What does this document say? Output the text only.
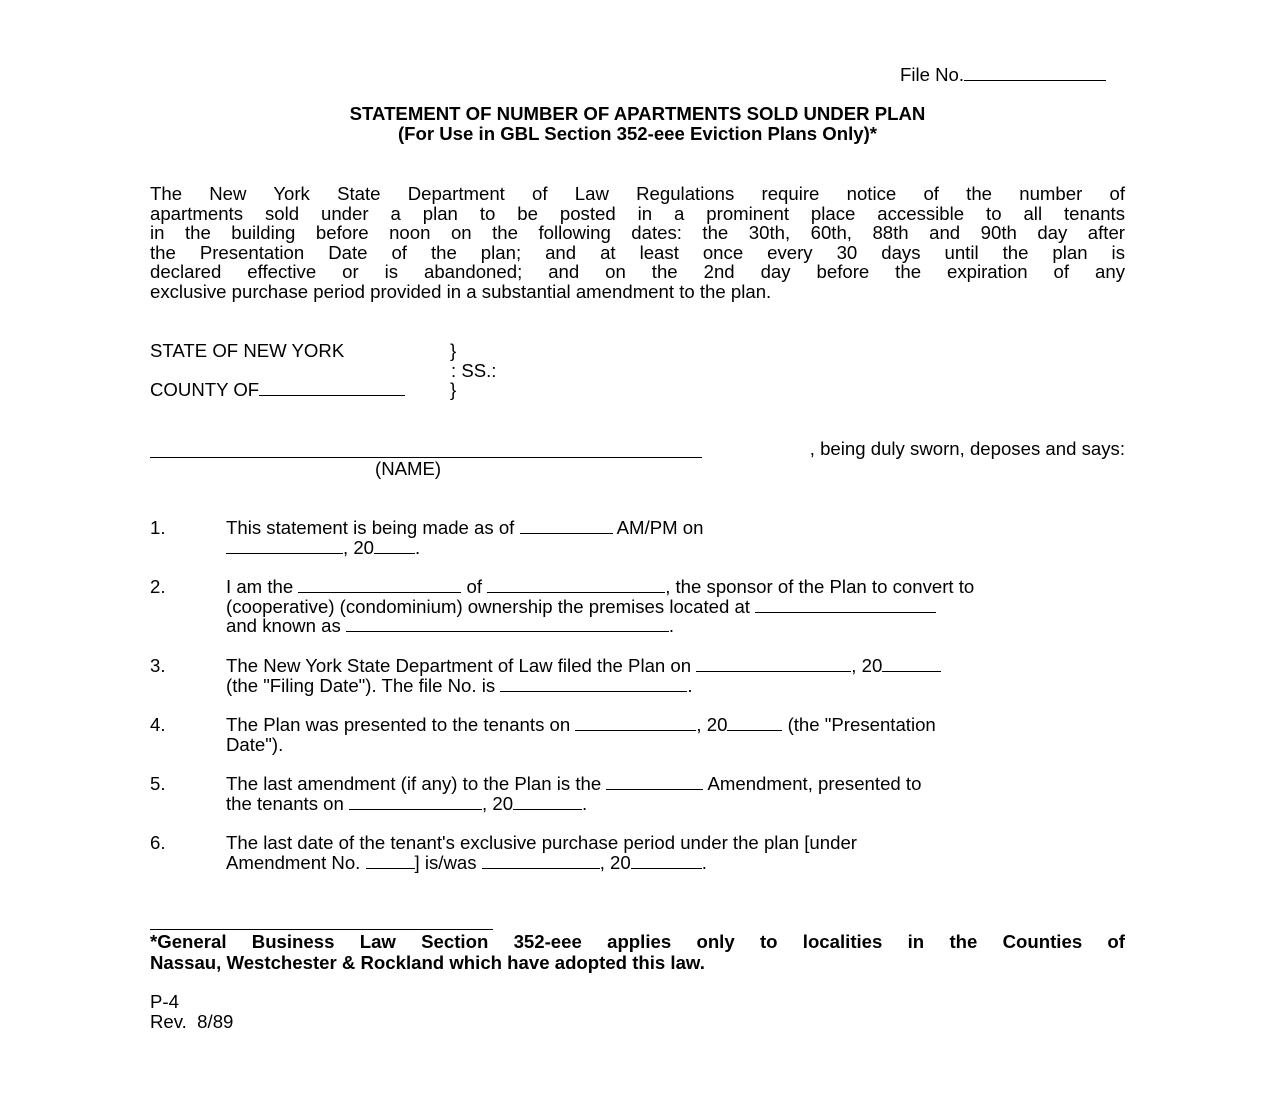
File No.
STATEMENT OF NUMBER OF APARTMENTS SOLD UNDER PLAN
(For Use in GBL Section 352-eee Eviction Plans Only)*
The New York State Department of Law Regulations require notice of the number of
apartments sold under a plan to be posted in a prominent place accessible to all tenants
in the building before noon on the following dates: the 30th, 60th, 88th and 90th day after
the Presentation Date of the plan; and at least once every 30 days until the plan is
declared effective or is abandoned; and on the 2nd day before the expiration of any
exclusive purchase period provided in a substantial amendment to the plan.
STATE OF NEW YORK	}
: SS.:
COUNTY OF	}
, being duly sworn, deposes and says:
(NAME)
1.	This statement is being made as of	AM/PM on
, 20 .
2.	I am the	of	, the sponsor of the Plan to convert to
(cooperative) (condominium) ownership the premises located at
and known as	.
3.	The New York State Department of Law filed the Plan on	, 20
(the "Filing Date"). The file No. is	.
4.	The Plan was presented to the tenants on	, 20	(the "Presentation
Date").
5.	The last amendment (if any) to the Plan is the	Amendment, presented to
the tenants on	, 20	.
6.	The last date of the tenant's exclusive purchase period under the plan [under
Amendment No.	] is/was	, 20	.
*General Business Law Section 352-eee applies only to localities in the Counties of
Nassau, Westchester & Rockland which have adopted this law.
P-4
Rev.  8/89
